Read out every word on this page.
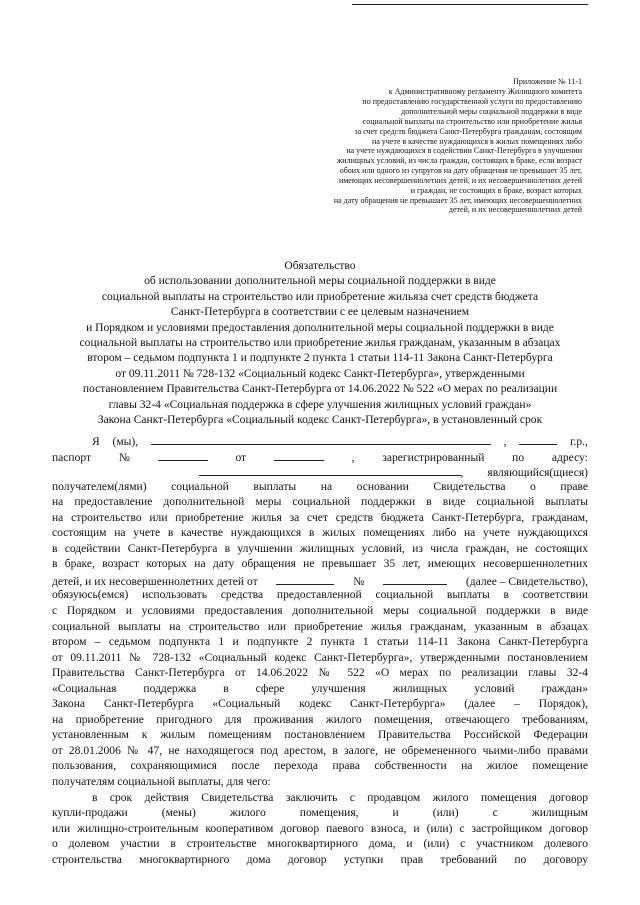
Приложение № 11-1
к Административному регламенту Жилищного комитета
по предоставлению государственной услуги по предоставлению
дополнительной меры социальной поддержки в виде
социальной выплаты на строительство или приобретение жилья
за счет средств бюджета Санкт-Петербурга гражданам, состоящим
на учете в качестве нуждающихся в жилых помещениях либо
на учете нуждающихся в содействии Санкт-Петербурга в улучшении
жилищных условий, из числа граждан, состоящих в браке, если возраст
обоих или одного из супругов на дату обращения не превышает 35 лет,
имеющих несовершеннолетних детей, и их несовершеннолетних детей
и граждан, не состоящих в браке, возраст которых
на дату обращения не превышает 35 лет, имеющих несовершеннолетних
детей, и их несовершеннолетних детей
Обязательство
об использовании дополнительной меры социальной поддержки в виде
социальной выплаты на строительство или приобретение жильяза счет средств бюджета
Санкт-Петербурга в соответствии с ее целевым назначением
и Порядком и условиями предоставления дополнительной меры социальной поддержки в виде
социальной выплаты на строительство или приобретение жилья гражданам, указанным в абзацах
втором – седьмом подпункта 1 и подпункте 2 пункта 1 статьи 114-11 Закона Санкт-Петербурга
от 09.11.2011 № 728-132 «Социальный кодекс Санкт-Петербурга», утвержденными
постановлением Правительства Санкт-Петербурга от 14.06.2022 № 522 «О мерах по реализации
главы 32-4 «Социальная поддержка в сфере улучшения жилищных условий граждан»
Закона Санкт-Петербурга «Социальный кодекс Санкт-Петербурга», в установленный срок
Я (мы),	,	г.р.,
паспорт №	от	, зарегистрированный по адресу:
, являющийся(щиеся)
получателем(лями) социальной выплаты на основании Свидетельства о праве
на предоставление дополнительной меры социальной поддержки в виде социальной выплаты
на строительство или приобретение жилья за счет средств бюджета Санкт-Петербурга, гражданам,
состоящим на учете в качестве нуждающихся в жилых помещениях либо на учете нуждающихся
в содействии Санкт-Петербурга в улучшении жилищных условий, из числа граждан, не состоящих
в браке, возраст которых на дату обращения не превышает 35 лет, имеющих несовершеннолетних
детей, и их несовершеннолетних детей от	№	(далее – Свидетельство),
обязуюсь(емся) использовать средства предоставленной социальной выплаты в соответствии
с Порядком и условиями предоставления дополнительной меры социальной поддержки в виде
социальной выплаты на строительство или приобретение жилья гражданам, указанным в абзацах
втором – седьмом подпункта 1 и подпункте 2 пункта 1 статьи 114-11 Закона Санкт-Петербурга
от 09.11.2011 № 728-132 «Социальный кодекс Санкт-Петербурга», утвержденными постановлением
Правительства Санкт-Петербурга от 14.06.2022 № 522 «О мерах по реализации главы 32-4
«Социальная поддержка в сфере улучшения жилищных условий граждан»
Закона Санкт-Петербурга «Социальный кодекс Санкт-Петербурга» (далее – Порядок),
на приобретение пригодного для проживания жилого помещения, отвечающего требованиям,
установленным к жилым помещениям постановлением Правительства Российской Федерации
от 28.01.2006 № 47, не находящегося под арестом, в залоге, не обремененного чьими-либо правами
пользования, сохраняющимися после перехода права собственности на жилое помещение
получателям социальной выплаты, для чего:
в срок действия Свидетельства заключить с продавцом жилого помещения договор
купли-продажи (мены) жилого помещения, и (или) с жилищным
или жилищно-строительным кооперативом договор паевого взноса, и (или) с застройщиком договор
о долевом участии в строительстве многоквартирного дома, и (или) с участником долевого
строительства многоквартирного дома договор уступки прав требований по договору
